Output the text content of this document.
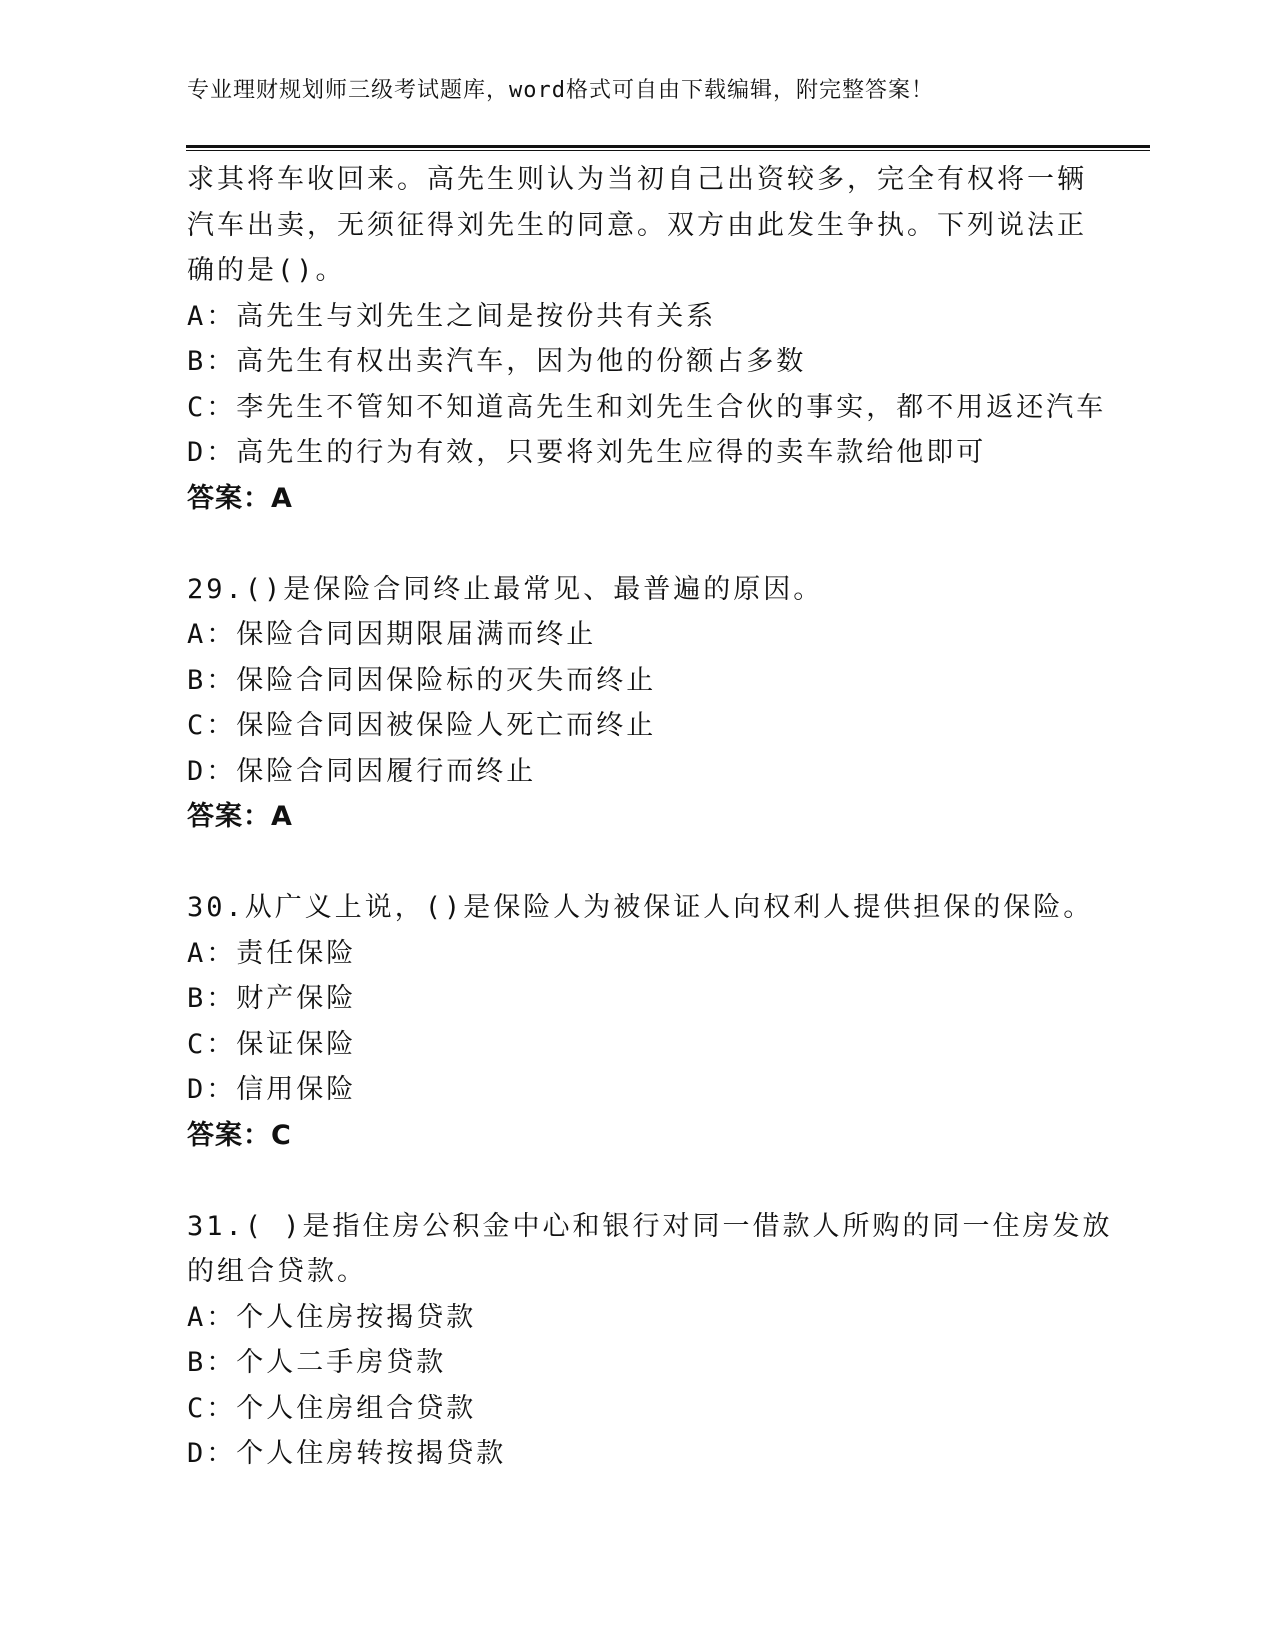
专业理财规划师三级考试题库，word格式可自由下载编辑，附完整答案！
求其将车收回来。高先生则认为当初自己出资较多，完全有权将一辆
汽车出卖，无须征得刘先生的同意。双方由此发生争执。下列说法正
确的是()。
A：高先生与刘先生之间是按份共有关系
B：高先生有权出卖汽车，因为他的份额占多数
C：李先生不管知不知道高先生和刘先生合伙的事实，都不用返还汽车
D：高先生的行为有效，只要将刘先生应得的卖车款给他即可
答案：A
29.()是保险合同终止最常见、最普遍的原因。
A：保险合同因期限届满而终止
B：保险合同因保险标的灭失而终止
C：保险合同因被保险人死亡而终止
D：保险合同因履行而终止
答案：A
30.从广义上说，()是保险人为被保证人向权利人提供担保的保险。
A：责任保险
B：财产保险
C：保证保险
D：信用保险
答案：C
31.( )是指住房公积金中心和银行对同一借款人所购的同一住房发放
的组合贷款。
A：个人住房按揭贷款
B：个人二手房贷款
C：个人住房组合贷款
D：个人住房转按揭贷款
